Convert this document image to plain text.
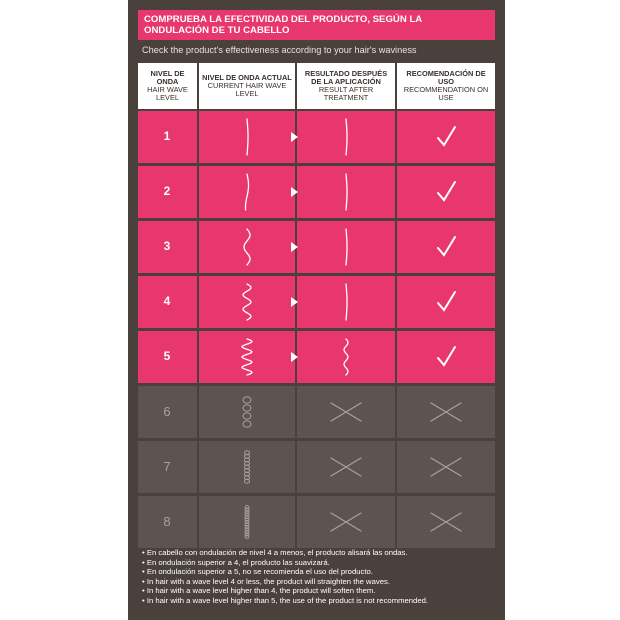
COMPRUEBA LA EFECTIVIDAD DEL PRODUCTO, SEGÚN LA ONDULACIÓN DE TU CABELLO
Check the product's effectiveness according to your hair's waviness
NIVEL DE ONDA
HAIR WAVE LEVEL
NIVEL DE ONDA ACTUAL
CURRENT HAIR WAVE LEVEL
RESULTADO DESPUÉS DE LA APLICACIÓN
RESULT AFTER TREATMENT
RECOMENDACIÓN DE USO
RECOMMENDATION ON USE
1
2
3
4
5
6
7
8
• En cabello con ondulación de nivel 4 a menos, el producto alisará las ondas.
• En ondulación superior a 4, el producto las suavizará.
• En ondulación superior a 5, no se recomienda el uso del producto.
• In hair with a wave level 4 or less, the product will straighten the waves.
• In hair with a wave level higher than 4, the product will soften them.
• In hair with a wave level higher than 5, the use of the product is not recommended.
